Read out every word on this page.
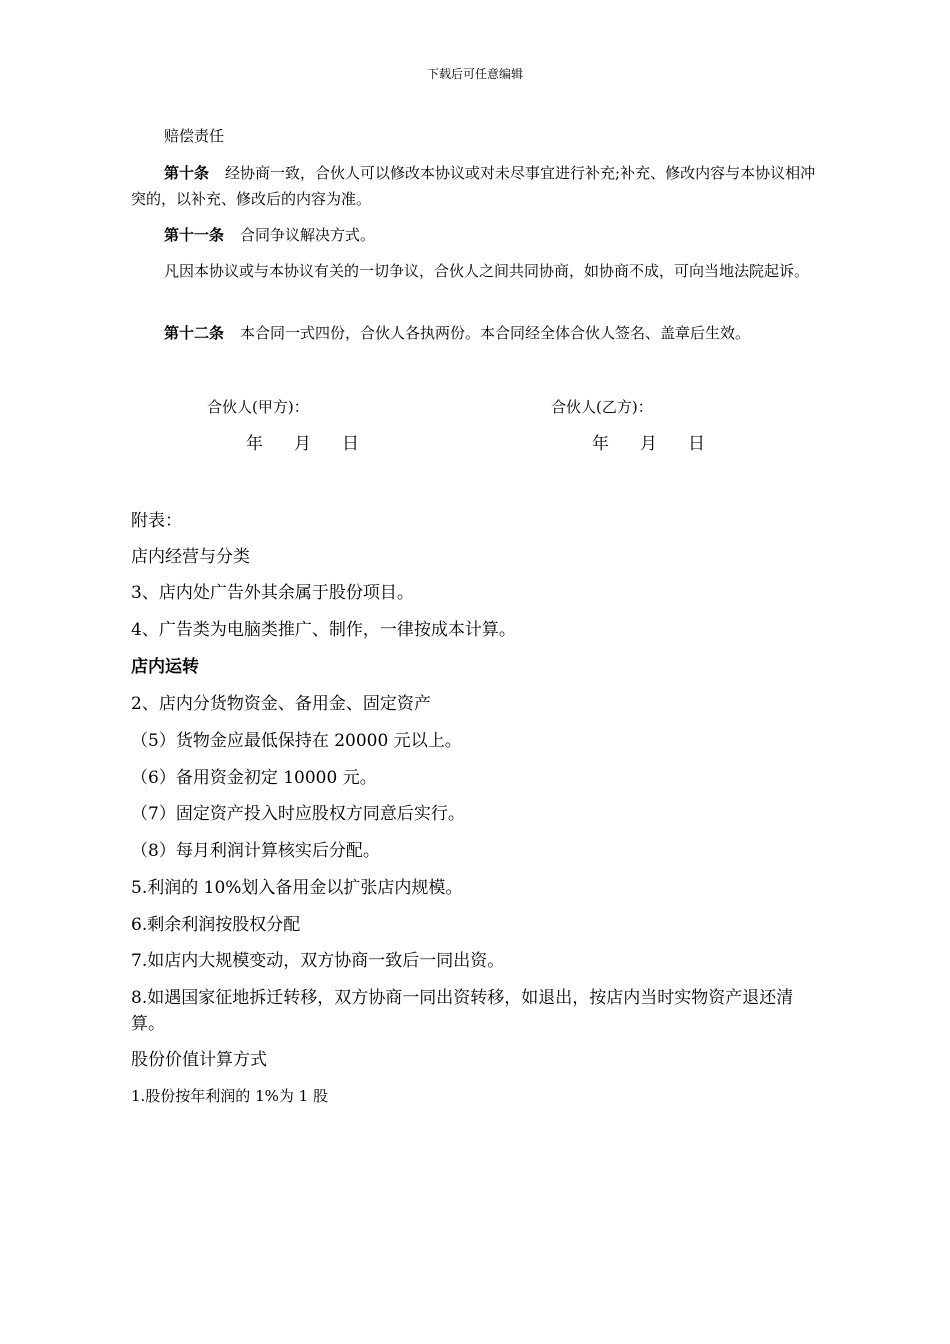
下载后可任意编辑
赔偿责任
第十条 经协商一致，合伙人可以修改本协议或对未尽事宜进行补充;补充、修改内容与本协议相冲突的，以补充、修改后的内容为准。
第十一条 合同争议解决方式。
凡因本协议或与本协议有关的一切争议，合伙人之间共同协商，如协商不成，可向当地法院起诉。
第十二条 本合同一式四份，合伙人各执两份。本合同经全体合伙人签名、盖章后生效。
合伙人(甲方)：	合伙人(乙方)：
年 月 日	年 月 日
附表：
店内经营与分类
3、店内处广告外其余属于股份项目。
4、广告类为电脑类推广、制作，一律按成本计算。
店内运转
2、店内分货物资金、备用金、固定资产
（5）货物金应最低保持在 20000 元以上。
（6）备用资金初定 10000 元。
（7）固定资产投入时应股权方同意后实行。
（8）每月利润计算核实后分配。
5.利润的 10%划入备用金以扩张店内规模。
6.剩余利润按股权分配
7.如店内大规模变动，双方协商一致后一同出资。
8.如遇国家征地拆迁转移，双方协商一同出资转移，如退出，按店内当时实物资产退还清算。
股份价值计算方式
1.股份按年利润的 1%为 1 股
